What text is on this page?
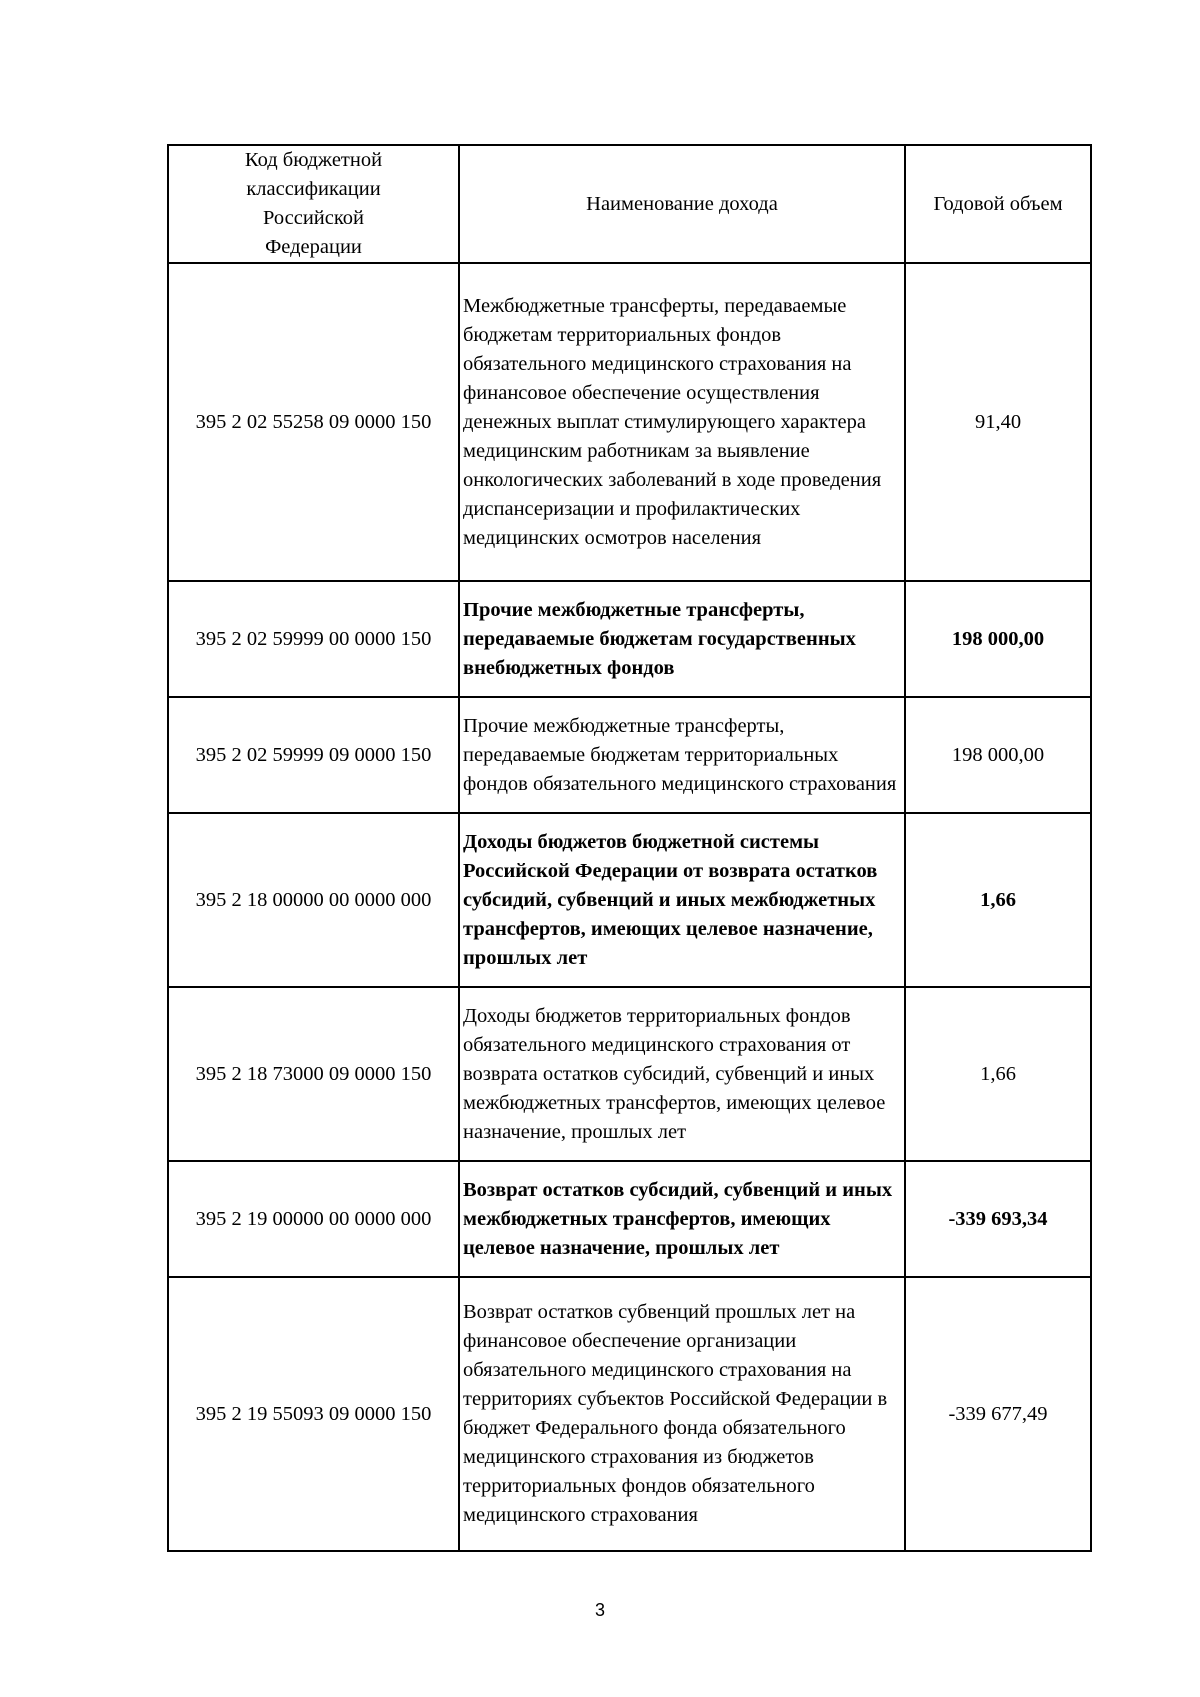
Код бюджетной классификации Российской Федерации	Наименование дохода	Годовой объем
395 2 02 55258 09 0000 150	Межбюджетные трансферты, передаваемые бюджетам территориальных фондов обязательного медицинского страхования на финансовое обеспечение осуществления денежных выплат стимулирующего характера медицинским работникам за выявление онкологических заболеваний в ходе проведения диспансеризации и профилактических медицинских осмотров населения	91,40
395 2 02 59999 00 0000 150	Прочие межбюджетные трансферты, передаваемые бюджетам государственных внебюджетных фондов	198 000,00
395 2 02 59999 09 0000 150	Прочие межбюджетные трансферты, передаваемые бюджетам территориальных фондов обязательного медицинского страхования	198 000,00
395 2 18 00000 00 0000 000	Доходы бюджетов бюджетной системы Российской Федерации от возврата остатков субсидий, субвенций и иных межбюджетных трансфертов, имеющих целевое назначение, прошлых лет	1,66
395 2 18 73000 09 0000 150	Доходы бюджетов территориальных фондов обязательного медицинского страхования от возврата остатков субсидий, субвенций и иных межбюджетных трансфертов, имеющих целевое назначение, прошлых лет	1,66
395 2 19 00000 00 0000 000	Возврат остатков субсидий, субвенций и иных межбюджетных трансфертов, имеющих целевое назначение, прошлых лет	-339 693,34
395 2 19 55093 09 0000 150	Возврат остатков субвенций прошлых лет на финансовое обеспечение организации обязательного медицинского страхования на территориях субъектов Российской Федерации в бюджет Федерального фонда обязательного медицинского страхования из бюджетов территориальных фондов обязательного медицинского страхования	-339 677,49
3
